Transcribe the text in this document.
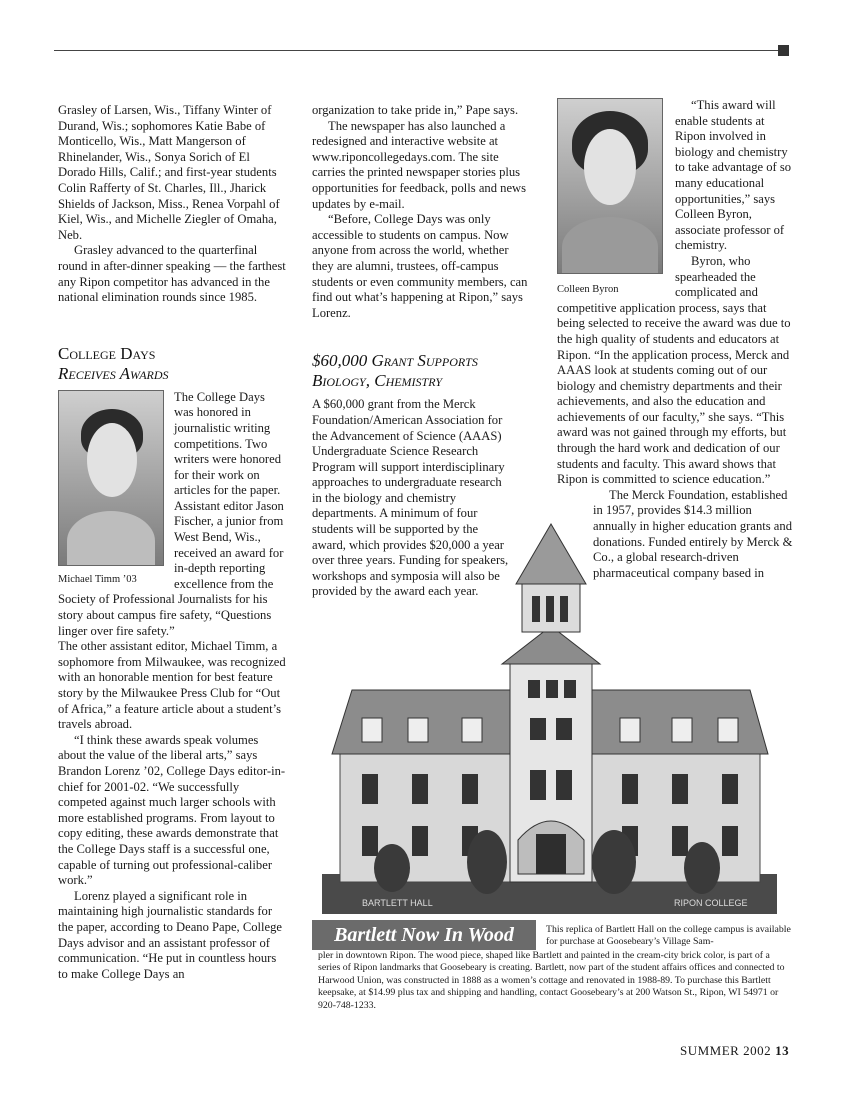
Grasley of Larsen, Wis., Tiffany Winter of Durand, Wis.; sophomores Katie Babe of Monticello, Wis., Matt Mangerson of Rhinelander, Wis., Sonya Sorich of El Dorado Hills, Calif.; and first-year students Colin Rafferty of St. Charles, Ill., Jharick Shields of Jackson, Miss., Renea Vorpahl of Kiel, Wis., and Michelle Ziegler of Omaha, Neb.

Grasley advanced to the quarterfinal round in after-dinner speaking — the farthest any Ripon competitor has advanced in the national elimination rounds since 1985.

College Days
Receives Awards
Michael Timm ’03

The College Days was honored in journalistic writing competitions. Two writers were honored for their work on articles for the paper. Assistant editor Jason Fischer, a junior from West Bend, Wis., received an award for in-depth reporting excellence from the Society of Professional Journalists for his story about campus fire safety, “Questions linger over fire safety.”

The other assistant editor, Michael Timm, a sophomore from Milwaukee, was recognized with an honorable mention for best feature story by the Milwaukee Press Club for “Out of Africa,” a feature article about a student’s travels abroad.

“I think these awards speak volumes about the value of the liberal arts,” says Brandon Lorenz ’02, College Days editor-in-chief for 2001-02. “We successfully competed against much larger schools with more established programs. From layout to copy editing, these awards demonstrate that the College Days staff is a successful one, capable of turning out professional-caliber work.”

Lorenz played a significant role in maintaining high journalistic standards for the paper, according to Deano Pape, College Days advisor and an assistant professor of communication. “He put in countless hours to make College Days an

organization to take pride in,” Pape says.

The newspaper has also launched a redesigned and interactive website at www.riponcollegedays.com. The site carries the printed newspaper stories plus opportunities for feedback, polls and news updates by e-mail.

“Before, College Days was only accessible to students on campus. Now anyone from across the world, whether they are alumni, trustees, off-campus students or even community members, can find out what’s happening at Ripon,” says Lorenz.

$60,000 Grant Supports
Biology, Chemistry

A $60,000 grant from the Merck Foundation/American Association for the Advancement of Science (AAAS) Undergraduate Science Research Program will support interdisciplinary approaches to undergraduate research in the biology and chemistry departments. A minimum of four students will be supported by the award, which provides $20,000 a year over three years. Funding for speakers, workshops and symposia will also be provided by the award each year.

Colleen Byron

“This award will enable students at Ripon involved in biology and chemistry to take advantage of so many educational opportunities,” says Colleen Byron, associate professor of chemistry.

Byron, who spearheaded the complicated and competitive application process, says that being selected to receive the award was due to the high quality of students and educators at Ripon. “In the application process, Merck and AAAS look at students coming out of our biology and chemistry departments and their achievements, and also the education and achievements of our faculty,” she says. “This award was not gained through my efforts, but through the hard work and dedication of our students and faculty. This award shows that Ripon is committed to science education.”

The Merck Foundation, established in 1957, provides $14.3 million annually in higher education grants and donations. Funded entirely by Merck & Co., a global research-driven pharmaceutical company based in

BARTLETT HALL	RIPON COLLEGE
Bartlett Now In Wood	This replica of Bartlett Hall on the college campus is available for purchase at Goosebeary’s Village Sam-
pler in downtown Ripon. The wood piece, shaped like Bartlett and painted in the cream-city brick color, is part of a series of Ripon landmarks that Goosebeary is creating. Bartlett, now part of the student affairs offices and connected to Harwood Union, was constructed in 1888 as a women’s cottage and renovated in 1988-89. To purchase this Bartlett keepsake, at $14.99 plus tax and shipping and handling, contact Goosebeary’s at 200 Watson St., Ripon, WI 54971 or 920-748-1233.
SUMMER 2002 13
